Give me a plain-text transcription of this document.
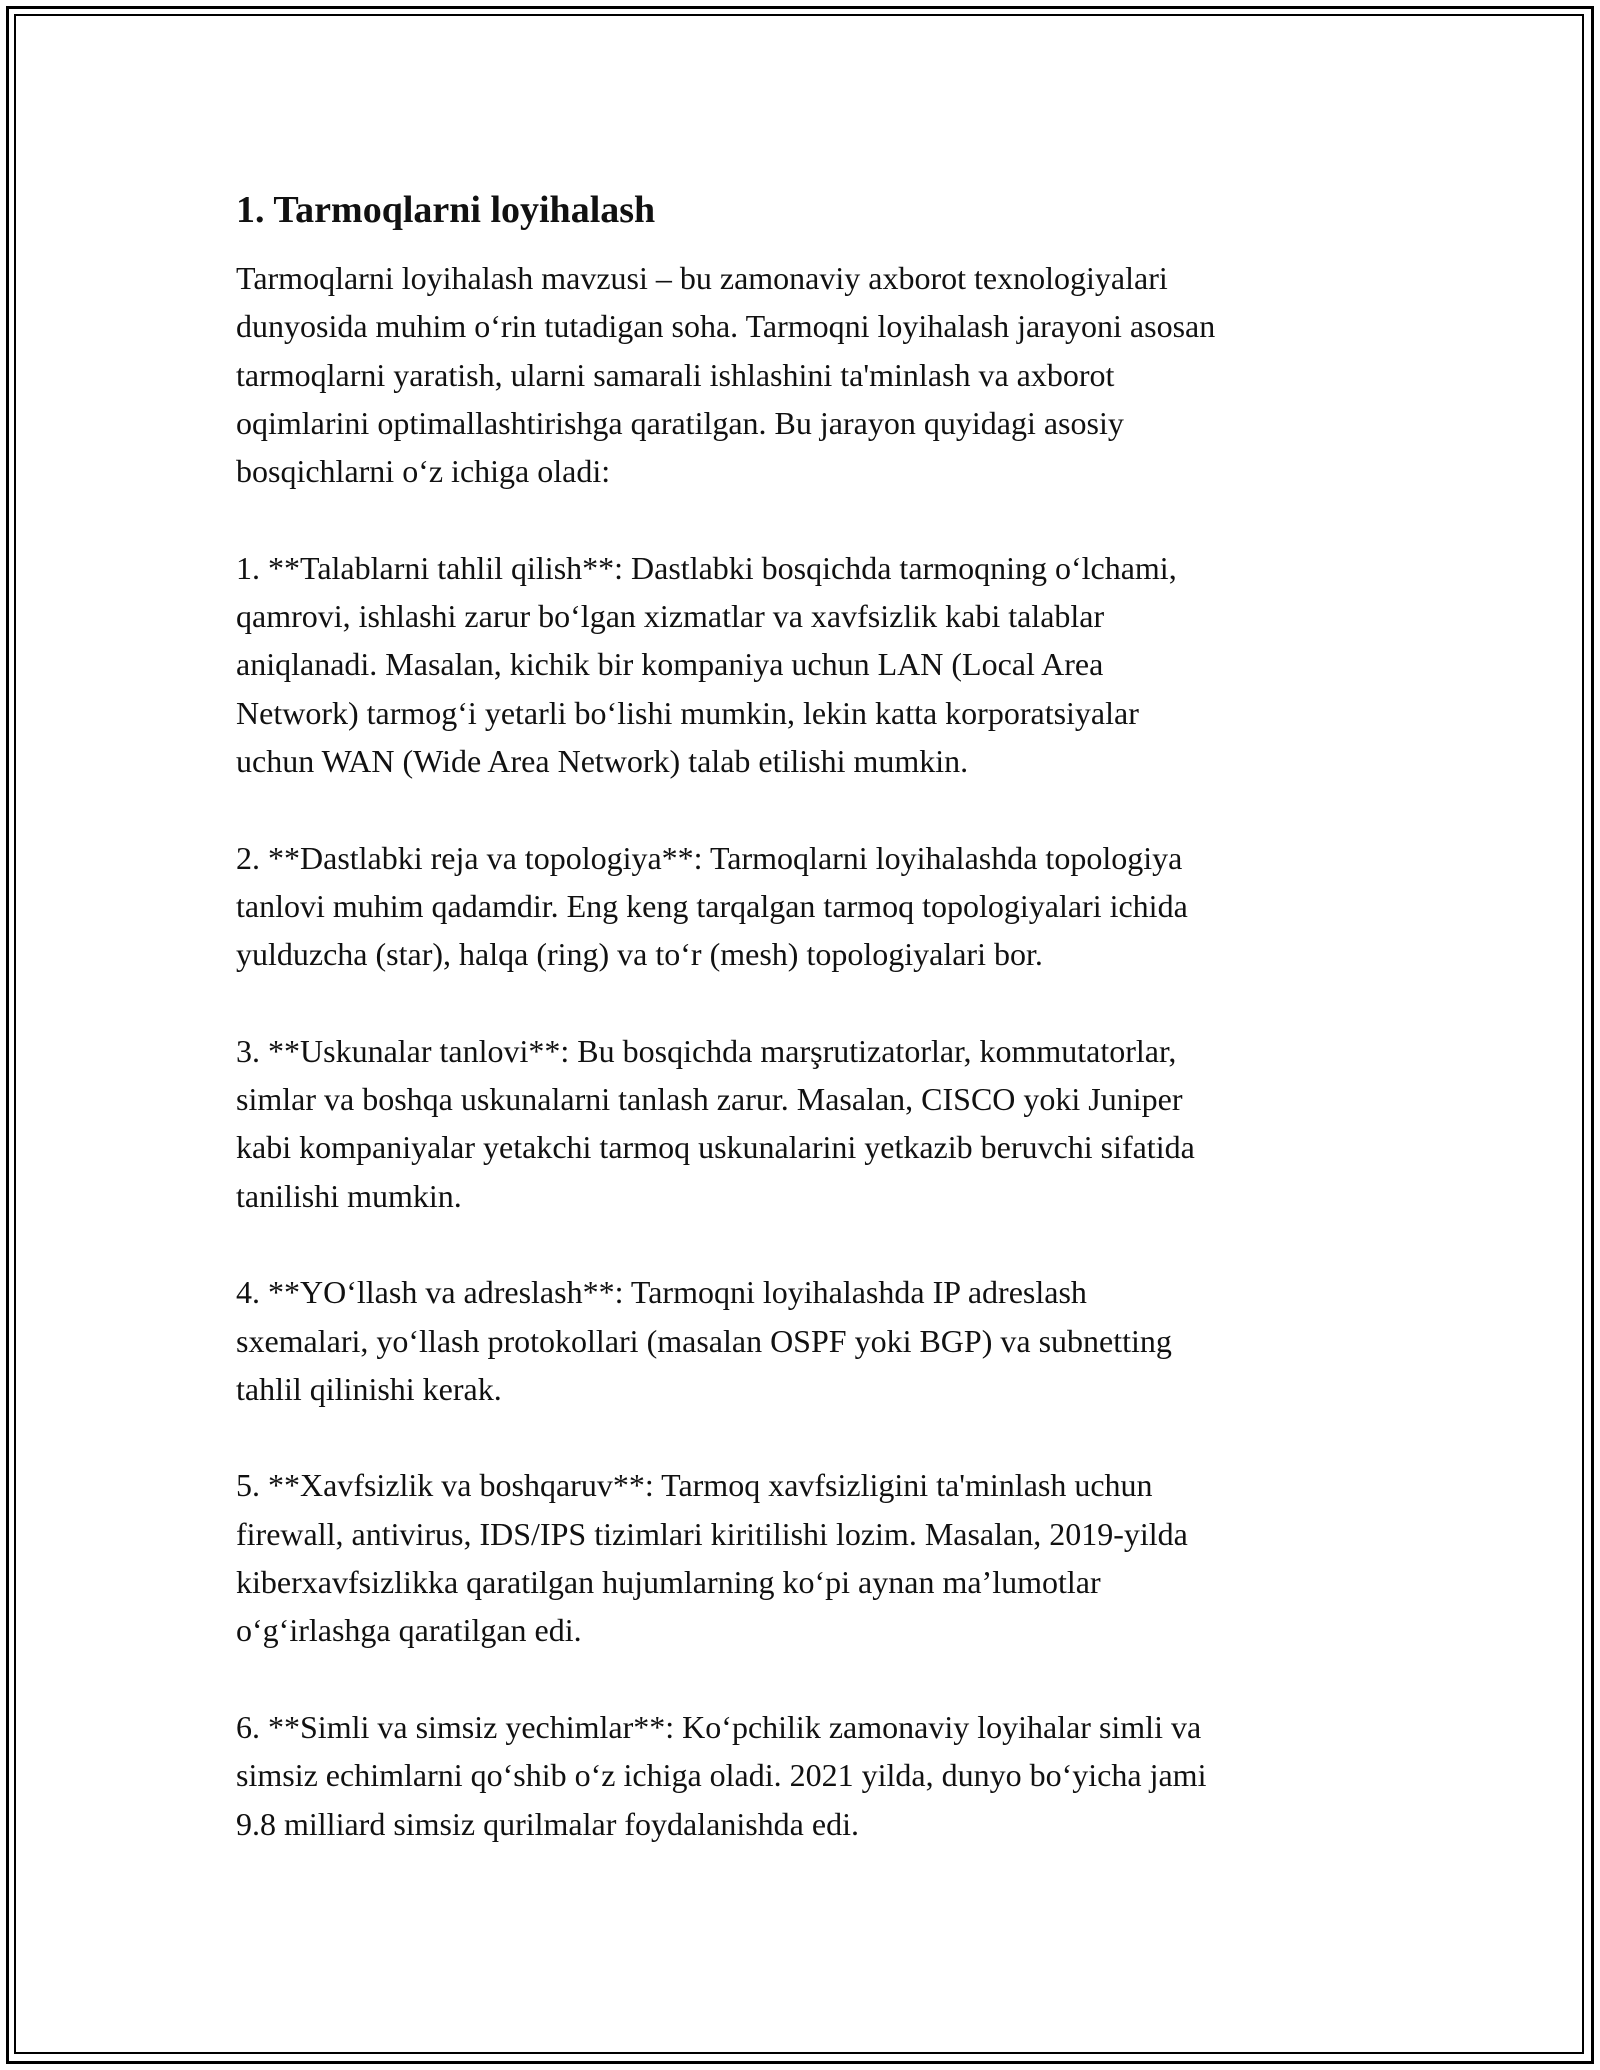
1. Tarmoqlarni loyihalash
Tarmoqlarni loyihalash mavzusi – bu zamonaviy axborot texnologiyalari
dunyosida muhim oʻrin tutadigan soha. Tarmoqni loyihalash jarayoni asosan
tarmoqlarni yaratish, ularni samarali ishlashini ta'minlash va axborot
oqimlarini optimallashtirishga qaratilgan. Bu jarayon quyidagi asosiy
bosqichlarni oʻz ichiga oladi:
1. **Talablarni tahlil qilish**: Dastlabki bosqichda tarmoqning oʻlchami,
qamrovi, ishlashi zarur boʻlgan xizmatlar va xavfsizlik kabi talablar
aniqlanadi. Masalan, kichik bir kompaniya uchun LAN (Local Area
Network) tarmogʻi yetarli boʻlishi mumkin, lekin katta korporatsiyalar
uchun WAN (Wide Area Network) talab etilishi mumkin.
2. **Dastlabki reja va topologiya**: Tarmoqlarni loyihalashda topologiya
tanlovi muhim qadamdir. Eng keng tarqalgan tarmoq topologiyalari ichida
yulduzcha (star), halqa (ring) va toʻr (mesh) topologiyalari bor.
3. **Uskunalar tanlovi**: Bu bosqichda marşrutizatorlar, kommutatorlar,
simlar va boshqa uskunalarni tanlash zarur. Masalan, CISCO yoki Juniper
kabi kompaniyalar yetakchi tarmoq uskunalarini yetkazib beruvchi sifatida
tanilishi mumkin.
4. **YOʻllash va adreslash**: Tarmoqni loyihalashda IP adreslash
sxemalari, yoʻllash protokollari (masalan OSPF yoki BGP) va subnetting
tahlil qilinishi kerak.
5. **Xavfsizlik va boshqaruv**: Tarmoq xavfsizligini ta'minlash uchun
firewall, antivirus, IDS/IPS tizimlari kiritilishi lozim. Masalan, 2019-yilda
kiberxavfsizlikka qaratilgan hujumlarning koʻpi aynan ma’lumotlar
oʻgʻirlashga qaratilgan edi.
6. **Simli va simsiz yechimlar**: Koʻpchilik zamonaviy loyihalar simli va
simsiz echimlarni qoʻshib oʻz ichiga oladi. 2021 yilda, dunyo boʻyicha jami
9.8 milliard simsiz qurilmalar foydalanishda edi.
